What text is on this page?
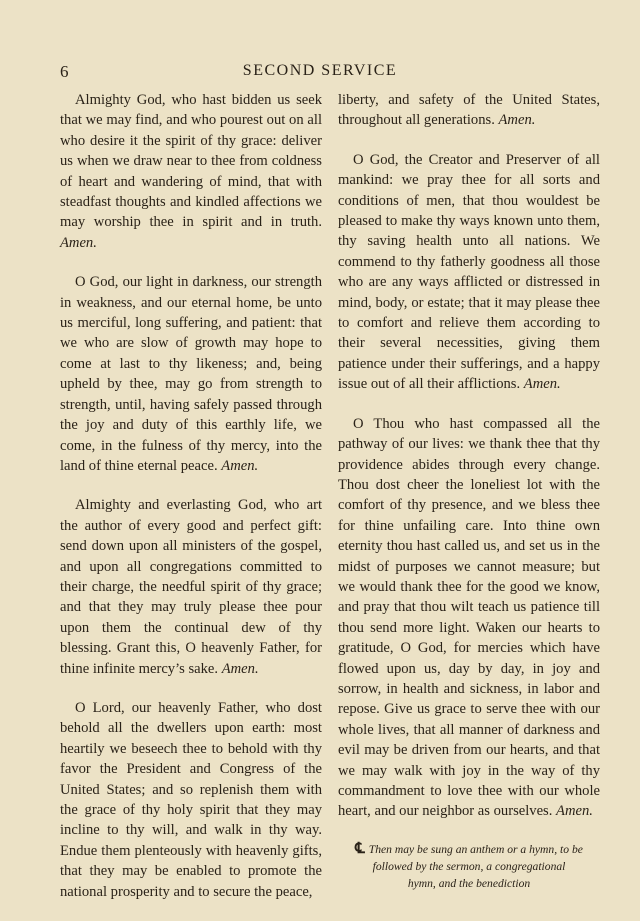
6	SECOND SERVICE

Almighty God, who hast bidden us seek that we may find, and who pourest out on all who desire it the spirit of thy grace: deliver us when we draw near to thee from coldness of heart and wandering of mind, that with steadfast thoughts and kindled affections we may worship thee in spirit and in truth. Amen.

O God, our light in darkness, our strength in weakness, and our eternal home, be unto us merciful, long suffering, and patient: that we who are slow of growth may hope to come at last to thy likeness; and, being upheld by thee, may go from strength to strength, until, having safely passed through the joy and duty of this earthly life, we come, in the fulness of thy mercy, into the land of thine eternal peace. Amen.

Almighty and everlasting God, who art the author of every good and perfect gift: send down upon all ministers of the gospel, and upon all congregations committed to their charge, the needful spirit of thy grace; and that they may truly please thee pour upon them the continual dew of thy blessing. Grant this, O heavenly Father, for thine infinite mercy’s sake. Amen.

O Lord, our heavenly Father, who dost behold all the dwellers upon earth: most heartily we beseech thee to behold with thy favor the President and Congress of the United States; and so replenish them with the grace of thy holy spirit that they may incline to thy will, and walk in thy way. Endue them plenteously with heavenly gifts, that they may be enabled to promote the national prosperity and to secure the peace,

liberty, and safety of the United States, throughout all generations. Amen.

O God, the Creator and Preserver of all mankind: we pray thee for all sorts and conditions of men, that thou wouldest be pleased to make thy ways known unto them, thy saving health unto all nations. We commend to thy fatherly goodness all those who are any ways afflicted or distressed in mind, body, or estate; that it may please thee to comfort and relieve them according to their several necessities, giving them patience under their sufferings, and a happy issue out of all their afflictions. Amen.

O Thou who hast compassed all the pathway of our lives: we thank thee that thy providence abides through every change. Thou dost cheer the loneliest lot with the comfort of thy presence, and we bless thee for thine unfailing care. Into thine own eternity thou hast called us, and set us in the midst of purposes we cannot measure; but we would thank thee for the good we know, and pray that thou wilt teach us patience till thou send more light. Waken our hearts to gratitude, O God, for mercies which have flowed upon us, day by day, in joy and sorrow, in health and sickness, in labor and repose. Give us grace to serve thee with our whole lives, that all manner of darkness and evil may be driven from our hearts, and that we may walk with joy in the way of thy commandment to love thee with our whole heart, and our neighbor as ourselves. Amen.

℄ Then may be sung an anthem or a hymn, to be
followed by the sermon, a congregational
hymn, and the benediction
